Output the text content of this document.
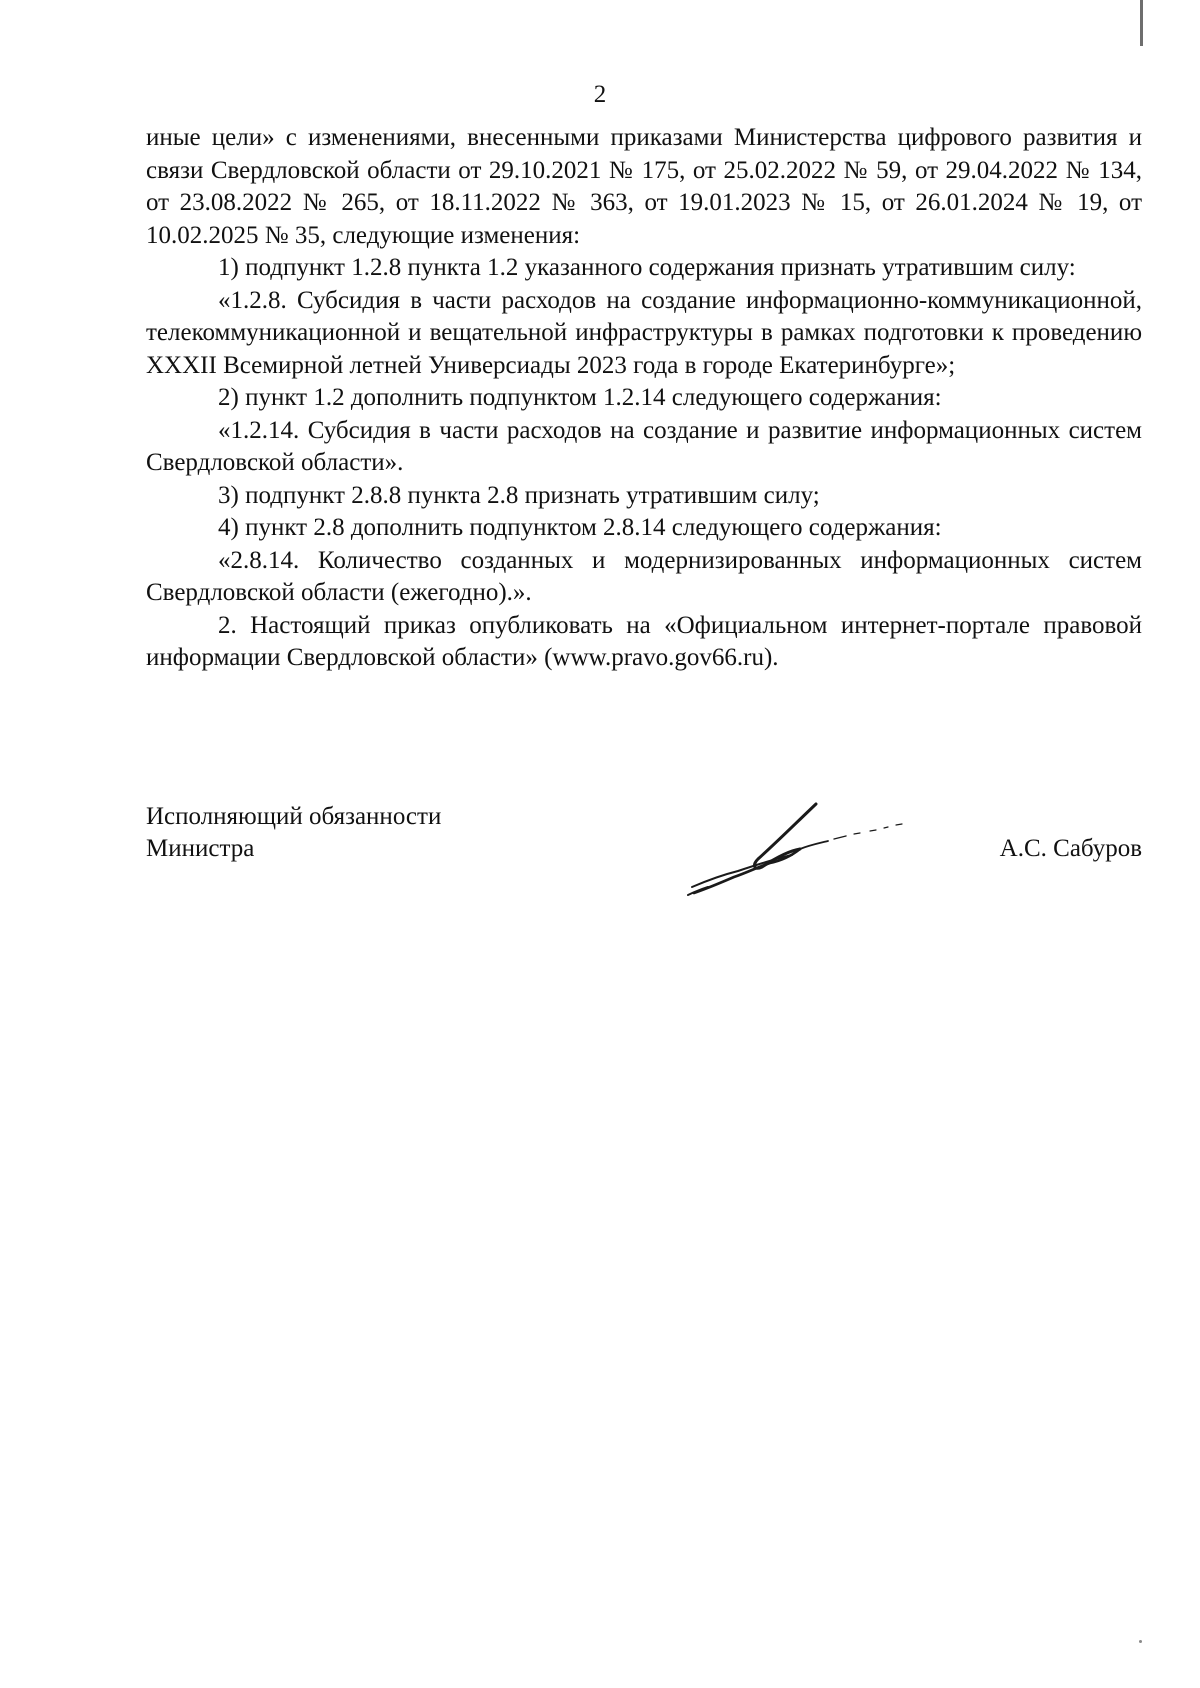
2

иные цели» с изменениями, внесенными приказами Министерства цифрового развития и связи Свердловской области от 29.10.2021 № 175, от 25.02.2022 № 59, от 29.04.2022 № 134, от 23.08.2022 № 265, от 18.11.2022 № 363, от 19.01.2023 № 15, от 26.01.2024 № 19, от 10.02.2025 № 35, следующие изменения:

1) подпункт 1.2.8 пункта 1.2 указанного содержания признать утратившим силу:

«1.2.8. Субсидия в части расходов на создание информационно-коммуникационной, телекоммуникационной и вещательной инфраструктуры в рамках подготовки к проведению XXXII Всемирной летней Универсиады 2023 года в городе Екатеринбурге»;

2) пункт 1.2 дополнить подпунктом 1.2.14 следующего содержания:

«1.2.14. Субсидия в части расходов на создание и развитие информационных систем Свердловской области».

3) подпункт 2.8.8 пункта 2.8 признать утратившим силу;

4) пункт 2.8 дополнить подпунктом 2.8.14 следующего содержания:

«2.8.14. Количество созданных и модернизированных информационных систем Свердловской области (ежегодно).».

2. Настоящий приказ опубликовать на «Официальном интернет-портале правовой информации Свердловской области» (www.pravo.gov66.ru).

Исполняющий обязанности
Министра	А.С. Сабуров
